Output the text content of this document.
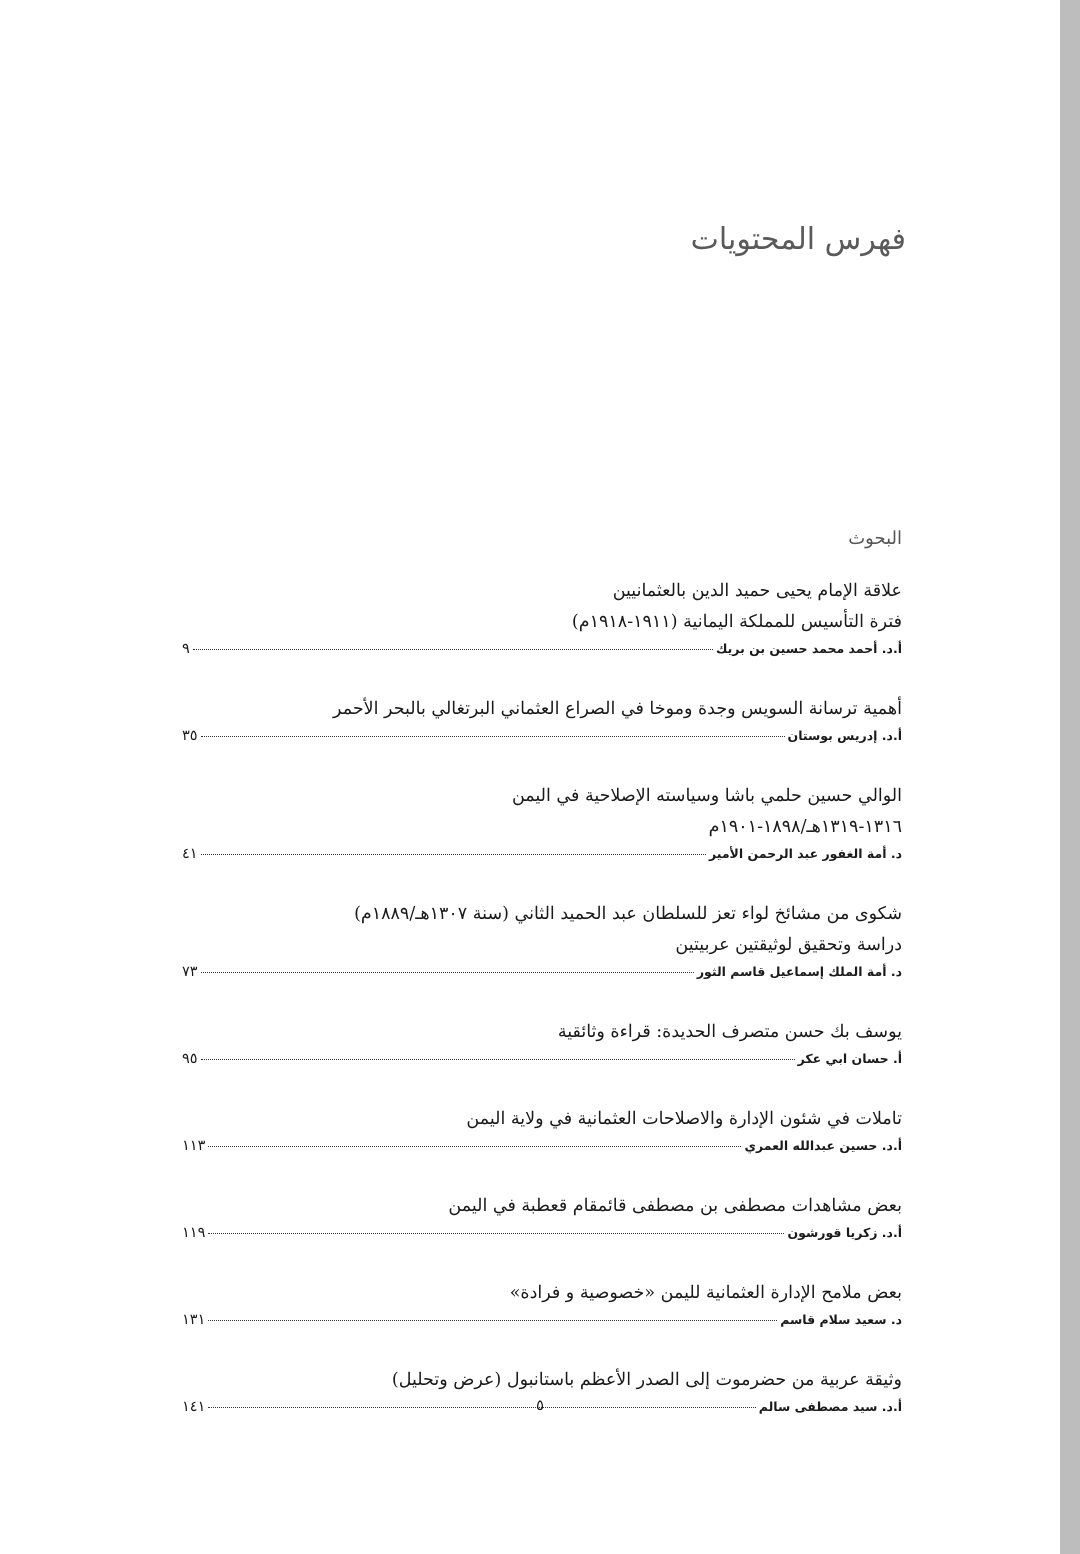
فهرس المحتويات
البحوث
علاقة الإمام يحيى حميد الدين بالعثمانيين
فترة التأسيس للمملكة اليمانية (١٩١١-١٩١٨م)
أ.د. أحمد محمد حسين بن بريك
٩
أهمية ترسانة السويس وجدة وموخا في الصراع العثماني البرتغالي بالبحر الأحمر
أ.د. إدريس بوستان
٣٥
الوالي حسين حلمي باشا وسياسته الإصلاحية في اليمن
١٣١٦-١٣١٩هـ/١٨٩٨-١٩٠١م
د. أمة الغفور عبد الرحمن الأمير
٤١
شكوى من مشائخ لواء تعز للسلطان عبد الحميد الثاني (سنة ١٣٠٧هـ/١٨٨٩م)
دراسة وتحقيق لوثيقتين عربيتين
د. أمة الملك إسماعيل قاسم الثور
٧٣
يوسف بك حسن متصرف الحديدة: قراءة وثائقية
أ. حسان ابي عكر
٩٥
تاملات في شئون الإدارة والاصلاحات العثمانية في ولاية اليمن
أ.د. حسين عبدالله العمري
١١٣
بعض مشاهدات مصطفى بن مصطفى قائمقام قعطبة في اليمن
أ.د. زكريا قورشون
١١٩
بعض ملامح الإدارة العثمانية لليمن «خصوصية و فرادة»
د. سعيد سلام قاسم
١٣١
وثيقة عربية من حضرموت إلى الصدر الأعظم باستانبول (عرض وتحليل)
أ.د. سيد مصطفى سالم
١٤١	٥
